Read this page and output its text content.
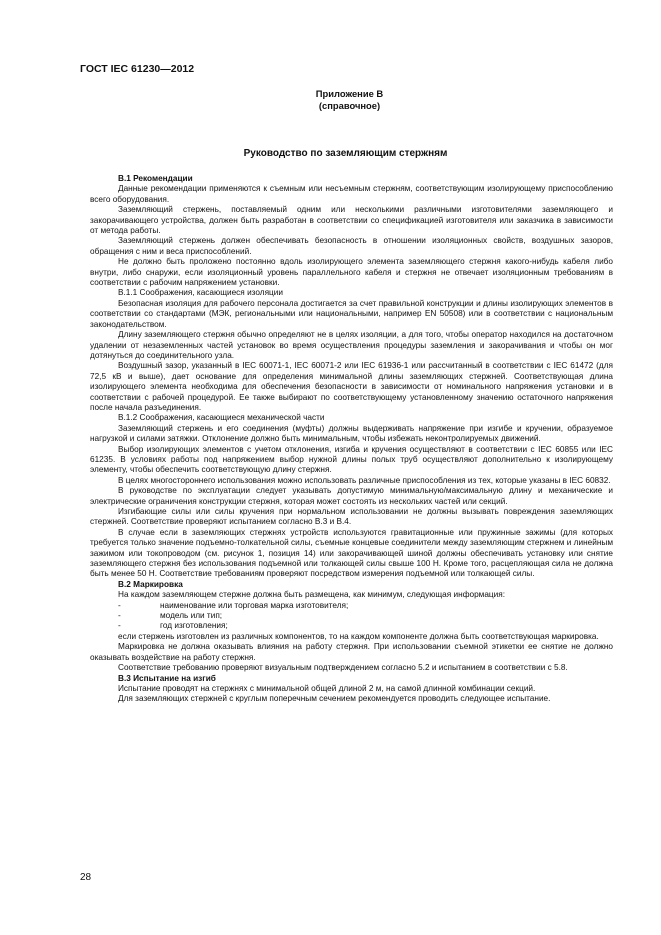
ГОСТ IEC 61230—2012
Приложение В
(справочное)
Руководство по заземляющим стержням

В.1 Рекомендации

Данные рекомендации применяются к съемным или несъемным стержням, соответствующим изолирующему приспособлению всего оборудования.

Заземляющий стержень, поставляемый одним или несколькими различными изготовителями заземляющего и закорачивающего устройства, должен быть разработан в соответствии со спецификацией изготовителя или заказчика в зависимости от метода работы.

Заземляющий стержень должен обеспечивать безопасность в отношении изоляционных свойств, воздушных зазоров, обращения с ним и веса приспособлений.

Не должно быть проложено постоянно вдоль изолирующего элемента заземляющего стержня какого-нибудь кабеля либо внутри, либо снаружи, если изоляционный уровень параллельного кабеля и стержня не отвечает изоляционным требованиям в соответствии с рабочим напряжением установки.

В.1.1 Соображения, касающиеся изоляции

Безопасная изоляция для рабочего персонала достигается за счет правильной конструкции и длины изолирующих элементов в соответствии со стандартами (МЭК, региональными или национальными, например EN 50508) или в соответствии с национальным законодательством.

Длину заземляющего стержня обычно определяют не в целях изоляции, а для того, чтобы оператор находился на достаточном удалении от незаземленных частей установок во время осуществления процедуры заземления и закорачивания и чтобы он мог дотянуться до соединительного узла.

Воздушный зазор, указанный в IEC 60071-1, IEC 60071-2 или IEC 61936-1 или рассчитанный в соответствии с IEC 61472 (для 72,5 кВ и выше), дает основание для определения минимальной длины заземляющих стержней. Соответствующая длина изолирующего элемента необходима для обеспечения безопасности в зависимости от номинального напряжения установки и в соответствии с рабочей процедурой. Ее также выбирают по соответствующему установленному значению остаточного напряжения после начала разъединения.

В.1.2 Соображения, касающиеся механической части

Заземляющий стержень и его соединения (муфты) должны выдерживать напряжение при изгибе и кручении, образуемое нагрузкой и силами затяжки. Отклонение должно быть минимальным, чтобы избежать неконтролируемых движений.

Выбор изолирующих элементов с учетом отклонения, изгиба и кручения осуществляют в соответствии с IEC 60855 или IEC 61235. В условиях работы под напряжением выбор нужной длины полых труб осуществляют дополнительно к изолирующему элементу, чтобы обеспечить соответствующую длину стержня.

В целях многостороннего использования можно использовать различные приспособления из тех, которые указаны в IEC 60832.

В руководстве по эксплуатации следует указывать допустимую минимальную/максимальную длину и механические и электрические ограничения конструкции стержня, которая может состоять из нескольких частей или секций.

Изгибающие силы или силы кручения при нормальном использовании не должны вызывать повреждения заземляющих стержней. Соответствие проверяют испытанием согласно В.3 и В.4.

В случае если в заземляющих стержнях устройств используются гравитационные или пружинные зажимы (для которых требуется только значение подъемно-толкательной силы, съемные концевые соединители между заземляющим стержнем и линейным зажимом или токопроводом (см. рисунок 1, позиция 14) или закорачивающей шиной должны обеспечивать установку или снятие заземляющего стержня без использования подъемной или толкающей силы свыше 100 Н. Кроме того, расцепляющая сила не должна быть менее 50 Н. Соответствие требованиям проверяют посредством измерения подъемной или толкающей силы.

В.2 Маркировка

На каждом заземляющем стержне должна быть размещена, как минимум, следующая информация:

-	наименование или торговая марка изготовителя;

-	модель или тип;

-	год изготовления;

если стержень изготовлен из различных компонентов, то на каждом компоненте должна быть соответствующая маркировка.

Маркировка не должна оказывать влияния на работу стержня. При использовании съемной этикетки ее снятие не должно оказывать воздействие на работу стержня.

Соответствие требованию проверяют визуальным подтверждением согласно 5.2 и испытанием в соответствии с 5.8.

В.3 Испытание на изгиб

Испытание проводят на стержнях с минимальной общей длиной 2 м, на самой длинной комбинации секций.

Для заземляющих стержней с круглым поперечным сечением рекомендуется проводить следующее испытание.

28
